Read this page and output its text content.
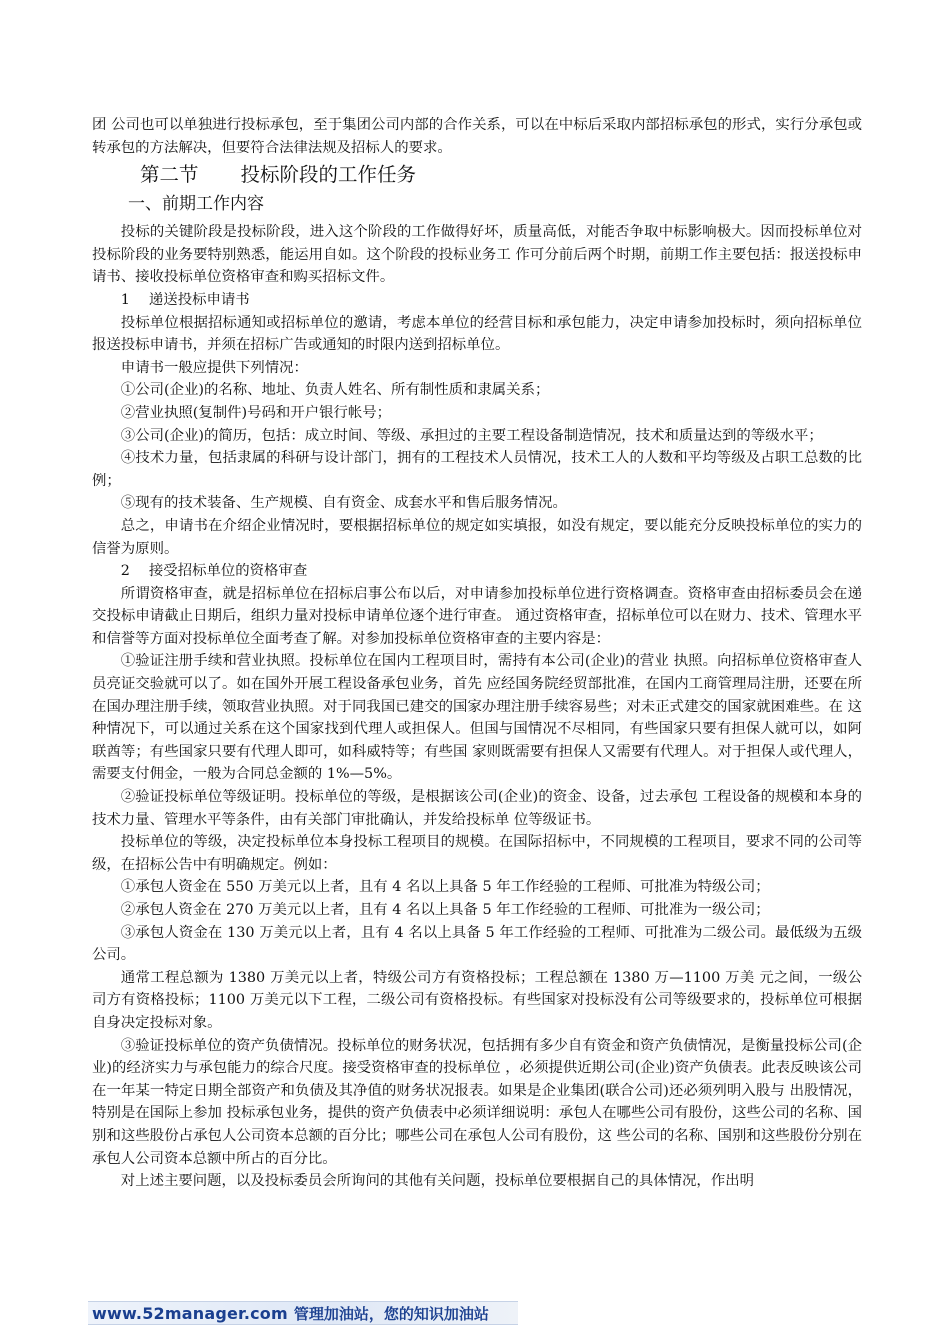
团 公司也可以单独进行投标承包，至于集团公司内部的合作关系，可以在中标后采取内部招标承包的形式，实行分承包或转承包的方法解决，但要符合法律法规及招标人的要求。

第二节 投标阶段的工作任务
一、前期工作内容

投标的关键阶段是投标阶段，进入这个阶段的工作做得好坏，质量高低，对能否争取中标影响极大。因而投标单位对投标阶段的业务要特别熟悉，能运用自如。这个阶段的投标业务工 作可分前后两个时期，前期工作主要包括：报送投标申请书、接收投标单位资格审查和购买招标文件。

1　 递送投标申请书

投标单位根据招标通知或招标单位的邀请，考虑本单位的经营目标和承包能力，决定申请参加投标时，须向招标单位报送投标申请书，并须在招标广告或通知的时限内送到招标单位。

申请书一般应提供下列情况：

①公司(企业)的名称、地址、负责人姓名、所有制性质和隶属关系；

②营业执照(复制件)号码和开户银行帐号；

③公司(企业)的简历，包括：成立时间、等级、承担过的主要工程设备制造情况，技术和质量达到的等级水平；

④技术力量，包括隶属的科研与设计部门，拥有的工程技术人员情况，技术工人的人数和平均等级及占职工总数的比例；

⑤现有的技术装备、生产规模、自有资金、成套水平和售后服务情况。

总之，申请书在介绍企业情况时，要根据招标单位的规定如实填报，如没有规定，要以能充分反映投标单位的实力的信誉为原则。

2　 接受招标单位的资格审查

所谓资格审查，就是招标单位在招标启事公布以后，对申请参加投标单位进行资格调查。资格审查由招标委员会在递交投标申请截止日期后，组织力量对投标申请单位逐个进行审查。 通过资格审查，招标单位可以在财力、技术、管理水平和信誉等方面对投标单位全面考查了解。对参加投标单位资格审查的主要内容是：

①验证注册手续和营业执照。投标单位在国内工程项目时，需持有本公司(企业)的营业 执照。向招标单位资格审查人员亮证交验就可以了。如在国外开展工程设备承包业务，首先 应经国务院经贸部批准，在国内工商管理局注册，还要在所在国办理注册手续，领取营业执照。对于同我国已建交的国家办理注册手续容易些；对未正式建交的国家就困难些。在 这种情况下，可以通过关系在这个国家找到代理人或担保人。但国与国情况不尽相同，有些国家只要有担保人就可以，如阿联酋等；有些国家只要有代理人即可，如科威特等；有些国 家则既需要有担保人又需要有代理人。对于担保人或代理人，需要支付佣金，一般为合同总金额的 1%—5%。

②验证投标单位等级证明。投标单位的等级，是根据该公司(企业)的资金、设备，过去承包 工程设备的规模和本身的技术力量、管理水平等条件，由有关部门审批确认，并发给投标单 位等级证书。

投标单位的等级，决定投标单位本身投标工程项目的规模。在国际招标中，不同规模的工程项目，要求不同的公司等级，在招标公告中有明确规定。例如：

①承包人资金在 550 万美元以上者，且有 4 名以上具备 5 年工作经验的工程师、可批准为特级公司；

②承包人资金在 270 万美元以上者，且有 4 名以上具备 5 年工作经验的工程师、可批准为一级公司；

③承包人资金在 130 万美元以上者，且有 4 名以上具备 5 年工作经验的工程师、可批准为二级公司。最低级为五级公司。

通常工程总额为 1380 万美元以上者，特级公司方有资格投标；工程总额在 1380 万—1100 万美 元之间，一级公司方有资格投标；1100 万美元以下工程，二级公司有资格投标。有些国家对投标没有公司等级要求的，投标单位可根据自身决定投标对象。

③验证投标单位的资产负债情况。投标单位的财务状况，包括拥有多少自有资金和资产负债情况，是衡量投标公司(企业)的经济实力与承包能力的综合尺度。接受资格审查的投标单位 ，必须提供近期公司(企业)资产负债表。此表反映该公司在一年某一特定日期全部资产和负债及其净值的财务状况报表。如果是企业集团(联合公司)还必须列明入股与 出股情况，特别是在国际上参加 投标承包业务，提供的资产负债表中必须详细说明：承包人在哪些公司有股份，这些公司的名称、国别和这些股份占承包人公司资本总额的百分比；哪些公司在承包人公司有股份，这 些公司的名称、国别和这些股份分别在承包人公司资本总额中所占的百分比。

对上述主要问题，以及投标委员会所询问的其他有关问题，投标单位要根据自己的具体情况，作出明

www.52manager.com 管理加油站，您的知识加油站
